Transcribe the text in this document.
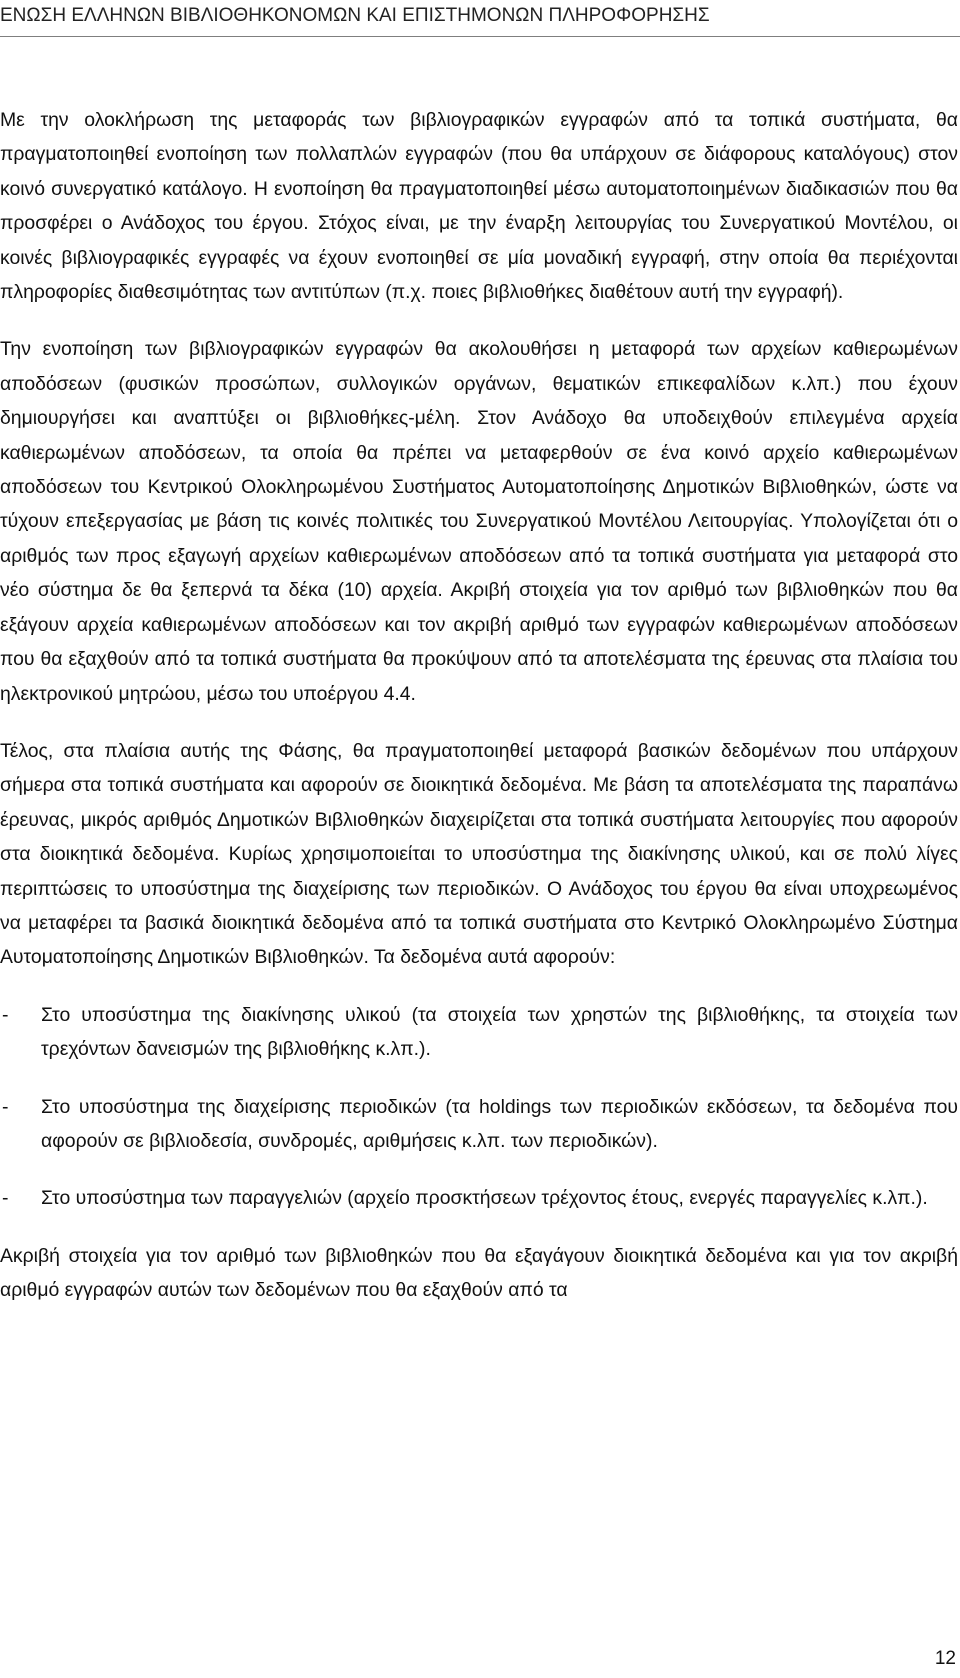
ΕΝΩΣΗ ΕΛΛΗΝΩΝ ΒΙΒΛΙΟΘΗΚΟΝΟΜΩΝ ΚΑΙ ΕΠΙΣΤΗΜΟΝΩΝ ΠΛΗΡΟΦΟΡΗΣΗΣ

Με την ολοκλήρωση της μεταφοράς των βιβλιογραφικών εγγραφών από τα τοπικά συστήματα, θα πραγματοποιηθεί ενοποίηση των πολλαπλών εγγραφών (που θα υπάρχουν σε διάφορους καταλόγους) στον κοινό συνεργατικό κατάλογο. Η ενοποίηση θα πραγματοποιηθεί μέσω αυτοματοποιημένων διαδικασιών που θα προσφέρει ο Ανάδοχος του έργου. Στόχος είναι, με την έναρξη λειτουργίας του Συνεργατικού Μοντέλου, οι κοινές βιβλιογραφικές εγγραφές να έχουν ενοποιηθεί σε μία μοναδική εγγραφή, στην οποία θα περιέχονται πληροφορίες διαθεσιμότητας των αντιτύπων (π.χ. ποιες βιβλιοθήκες διαθέτουν αυτή την εγγραφή).

Την ενοποίηση των βιβλιογραφικών εγγραφών θα ακολουθήσει η μεταφορά των αρχείων καθιερωμένων αποδόσεων (φυσικών προσώπων, συλλογικών οργάνων, θεματικών επικεφαλίδων κ.λπ.) που έχουν δημιουργήσει και αναπτύξει οι βιβλιοθήκες-μέλη. Στον Ανάδοχο θα υποδειχθούν επιλεγμένα αρχεία καθιερωμένων αποδόσεων, τα οποία θα πρέπει να μεταφερθούν σε ένα κοινό αρχείο καθιερωμένων αποδόσεων του Κεντρικού Ολοκληρωμένου Συστήματος Αυτοματοποίησης Δημοτικών Βιβλιοθηκών, ώστε να τύχουν επεξεργασίας με βάση τις κοινές πολιτικές του Συνεργατικού Μοντέλου Λειτουργίας. Υπολογίζεται ότι ο αριθμός των προς εξαγωγή αρχείων καθιερωμένων αποδόσεων από τα τοπικά συστήματα για μεταφορά στο νέο σύστημα δε θα ξεπερνά τα δέκα (10) αρχεία. Ακριβή στοιχεία για τον αριθμό των βιβλιοθηκών που θα εξάγουν αρχεία καθιερωμένων αποδόσεων και τον ακριβή αριθμό των εγγραφών καθιερωμένων αποδόσεων που θα εξαχθούν από τα τοπικά συστήματα θα προκύψουν από τα αποτελέσματα της έρευνας στα πλαίσια του ηλεκτρονικού μητρώου, μέσω του υποέργου 4.4.

Τέλος, στα πλαίσια αυτής της Φάσης, θα πραγματοποιηθεί μεταφορά βασικών δεδομένων που υπάρχουν σήμερα στα τοπικά συστήματα και αφορούν σε διοικητικά δεδομένα. Με βάση τα αποτελέσματα της παραπάνω έρευνας, μικρός αριθμός Δημοτικών Βιβλιοθηκών διαχειρίζεται στα τοπικά συστήματα λειτουργίες που αφορούν στα διοικητικά δεδομένα. Κυρίως χρησιμοποιείται το υποσύστημα της διακίνησης υλικού, και σε πολύ λίγες περιπτώσεις το υποσύστημα της διαχείρισης των περιοδικών. Ο Ανάδοχος του έργου θα είναι υποχρεωμένος να μεταφέρει τα βασικά διοικητικά δεδομένα από τα τοπικά συστήματα στο Κεντρικό Ολοκληρωμένο Σύστημα Αυτοματοποίησης Δημοτικών Βιβλιοθηκών. Τα δεδομένα αυτά αφορούν:

- Στο υποσύστημα της διακίνησης υλικού (τα στοιχεία των χρηστών της βιβλιοθήκης, τα στοιχεία των τρεχόντων δανεισμών της βιβλιοθήκης κ.λπ.).
- Στο υποσύστημα της διαχείρισης περιοδικών (τα holdings των περιοδικών εκδόσεων, τα δεδομένα που αφορούν σε βιβλιοδεσία, συνδρομές, αριθμήσεις κ.λπ. των περιοδικών).
- Στο υποσύστημα των παραγγελιών (αρχείο προσκτήσεων τρέχοντος έτους, ενεργές παραγγελίες κ.λπ.).

Ακριβή στοιχεία για τον αριθμό των βιβλιοθηκών που θα εξαγάγουν διοικητικά δεδομένα και για τον ακριβή αριθμό εγγραφών αυτών των δεδομένων που θα εξαχθούν από τα

12
